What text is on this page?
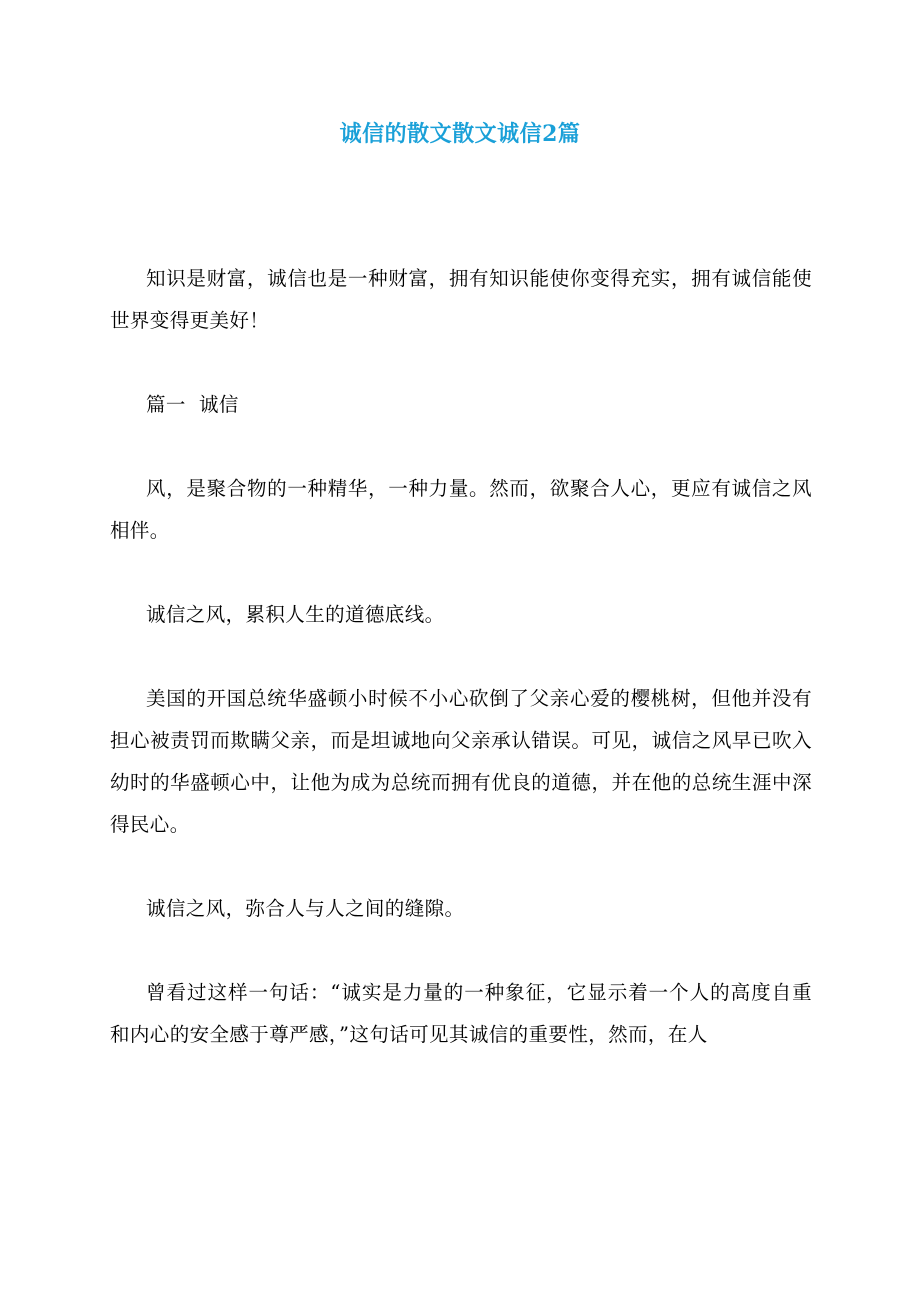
诚信的散文散文诚信2篇

知识是财富，诚信也是一种财富，拥有知识能使你变得充实，拥有诚信能使世界变得更美好！

篇一  诚信

风，是聚合物的一种精华，一种力量。然而，欲聚合人心，更应有诚信之风相伴。

诚信之风，累积人生的道德底线。

美国的开国总统华盛顿小时候不小心砍倒了父亲心爱的樱桃树，但他并没有担心被责罚而欺瞒父亲，而是坦诚地向父亲承认错误。可见，诚信之风早已吹入幼时的华盛顿心中，让他为成为总统而拥有优良的道德，并在他的总统生涯中深得民心。

诚信之风，弥合人与人之间的缝隙。

曾看过这样一句话：“诚实是力量的一种象征，它显示着一个人的高度自重和内心的安全感于尊严感，”这句话可见其诚信的重要性，然而，在人
